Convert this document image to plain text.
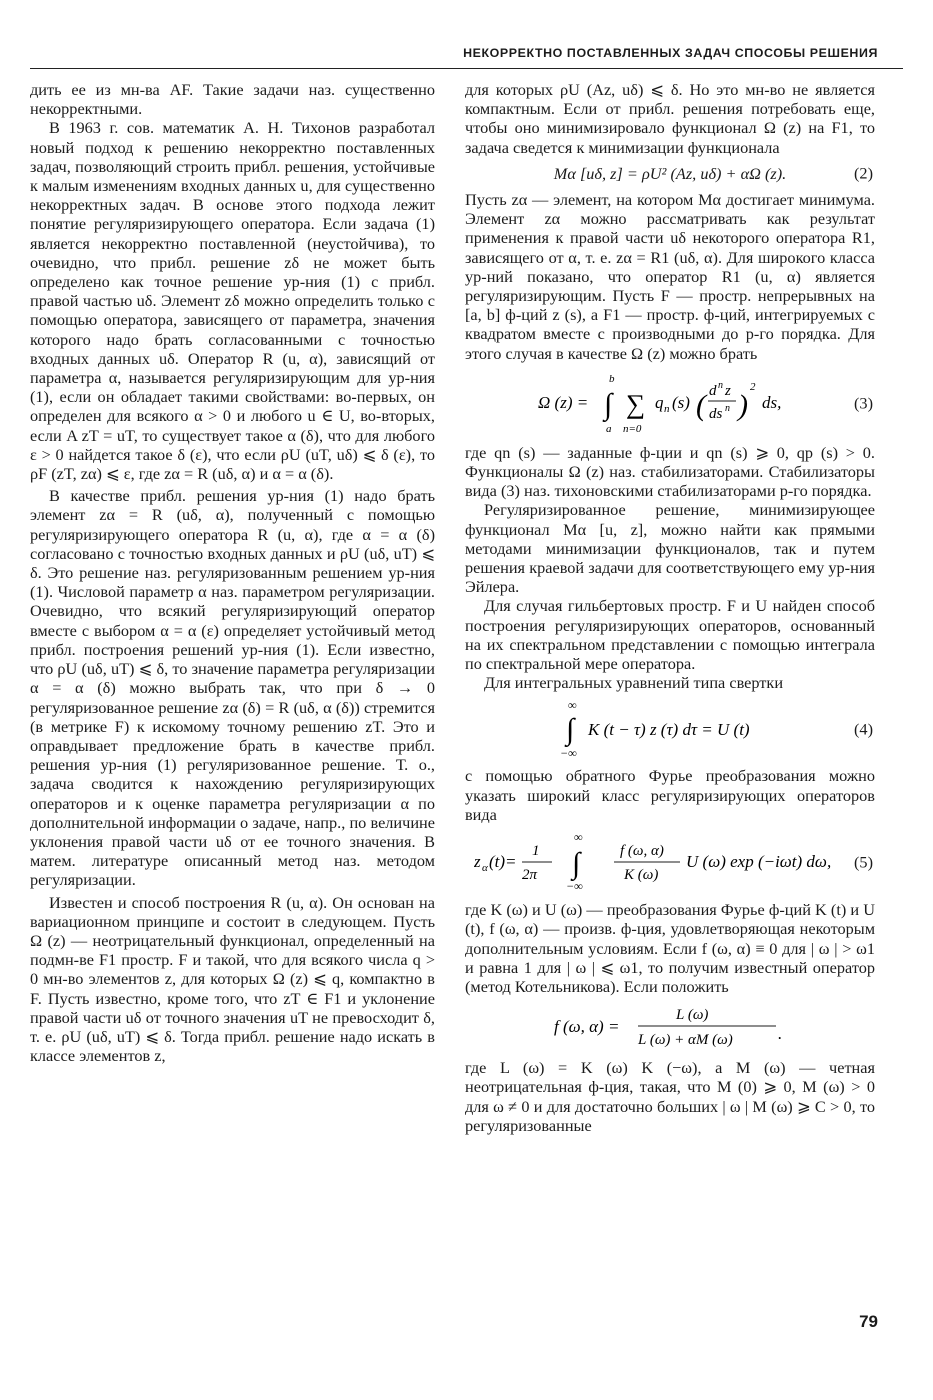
НЕКОРРЕКТНО ПОСТАВЛЕННЫХ ЗАДАЧ СПОСОБЫ РЕШЕНИЯ

дить ее из мн-ва AF. Такие задачи наз. существенно некорректными.

В 1963 г. сов. математик А. Н. Тихонов разработал новый подход к решению некорректно поставленных задач, позволяющий строить прибл. решения, устойчивые к малым изменениям входных данных u, для существенно некорректных задач. В основе этого подхода лежит понятие регуляризирующего оператора. Если задача (1) является некорректно поставленной (неустойчива), то очевидно, что прибл. решение zδ не может быть определено как точное решение ур-ния (1) с прибл. правой частью uδ. Элемент zδ можно определить только с помощью оператора, зависящего от параметра, значения которого надо брать согласованными с точностью входных данных uδ. Оператор R (u, α), зависящий от параметра α, называется регуляризирующим для ур-ния (1), если он обладает такими свойствами: во-первых, он определен для всякого α > 0 и любого u ∈ U, во-вторых, если A zT = uT, то существует такое α (δ), что для любого ε > 0 найдется такое δ (ε), что если ρU (uT, uδ) ⩽ δ (ε), то ρF (zT, zα) ⩽ ε, где zα = R (uδ, α) и α = α (δ).

В качестве прибл. решения ур-ния (1) надо брать элемент zα = R (uδ, α), полученный с помощью регуляризирующего оператора R (u, α), где α = α (δ) согласовано с точностью входных данных и ρU (uδ, uT) ⩽ δ. Это решение наз. регуляризованным решением ур-ния (1). Числовой параметр α наз. параметром регуляризации. Очевидно, что всякий регуляризирующий оператор вместе с выбором α = α (ε) определяет устойчивый метод прибл. построения решений ур-ния (1). Если известно, что ρU (uδ, uT) ⩽ δ, то значение параметра регуляризации α = α (δ) можно выбрать так, что при δ → 0 регуляризованное решение zα (δ) = R (uδ, α (δ)) стремится (в метрике F) к искомому точному решению zT. Это и оправдывает предложение брать в качестве прибл. решения ур-ния (1) регуляризованное решение. Т. о., задача сводится к нахождению регуляризирующих операторов и к оценке параметра регуляризации α по дополнительной информации о задаче, напр., по величине уклонения правой части uδ от ее точного значения. В матем. литературе описанный метод наз. методом регуляризации.

Известен и способ построения R (u, α). Он основан на вариационном принципе и состоит в следующем. Пусть Ω (z) — неотрицательный функционал, определенный на подмн-ве F1 простр. F и такой, что для всякого числа q > 0 мн-во элементов z, для которых Ω (z) ⩽ q, компактно в F. Пусть известно, кроме того, что zT ∈ F1 и уклонение правой части uδ от точного значения uT не превосходит δ, т. е. ρU (uδ, uT) ⩽ δ. Тогда прибл. решение надо искать в классе элементов z,

для которых ρU (Az, uδ) ⩽ δ. Но это мн-во не является компактным. Если от прибл. решения потребовать еще, чтобы оно минимизировало функционал Ω (z) на F1, то задача сведется к минимизации функционала

Mα [uδ, z] = ρU² (Az, uδ) + αΩ (z).	(2)

Пусть zα — элемент, на котором Mα достигает минимума. Элемент zα можно рассматривать как результат применения к правой части uδ некоторого оператора R1, зависящего от α, т. е. zα = R1 (uδ, α). Для широкого класса ур-ний показано, что оператор R1 (u, α) является регуляризирующим. Пусть F — простр. непрерывных на [a, b] ф-ций z (s), а F1 — простр. ф-ций, интегрируемых с квадратом вместе с производными до p-го порядка. Для этого случая в качестве Ω (z) можно брать

Ω (z) = ∫
b
a
∑
n=0
q n (s) ( d n z
ds n )
2
ds,	(3)

где qn (s) — заданные ф-ции и qn (s) ⩾ 0, qp (s) > 0. Функционалы Ω (z) наз. стабилизаторами. Стабилизаторы вида (3) наз. тихоновскими стабилизаторами p-го порядка.

Регуляризированное решение, минимизирующее функционал Mα [u, z], можно найти как прямыми методами минимизации функционалов, так и путем решения краевой задачи для соответствующего ему ур-ния Эйлера.

Для случая гильбертовых простр. F и U найден способ построения регуляризирующих операторов, основанный на их спектральном представлении с помощью интеграла по спектральной мере оператора.

Для интегральных уравнений типа свертки

∫
∞
−∞
K (t − τ) z (τ) dτ = U (t)	(4)

с помощью обратного Фурье преобразования можно указать широкий класс регуляризирующих операторов вида

z α (t)=
1
2π ∫
∞
−∞
f (ω, α)
K (ω)
U (ω) exp (−iωt) dω, (5)

где K (ω) и U (ω) — преобразования Фурье ф-ций K (t) и U (t), f (ω, α) — произв. ф-ция, удовлетворяющая некоторым дополнительным условиям. Если f (ω, α) ≡ 0 для | ω | > ω1 и равна 1 для | ω | ⩽ ω1, то получим известный оператор (метод Котельникова). Если положить

f (ω, α) =
L (ω)
L (ω) + αM (ω)	.

где L (ω) = K (ω) K (−ω), а M (ω) — четная неотрицательная ф-ция, такая, что M (0) ⩾ 0, M (ω) > 0 для ω ≠ 0 и для достаточно больших | ω | M (ω) ⩾ C > 0, то регуляризованные

79
